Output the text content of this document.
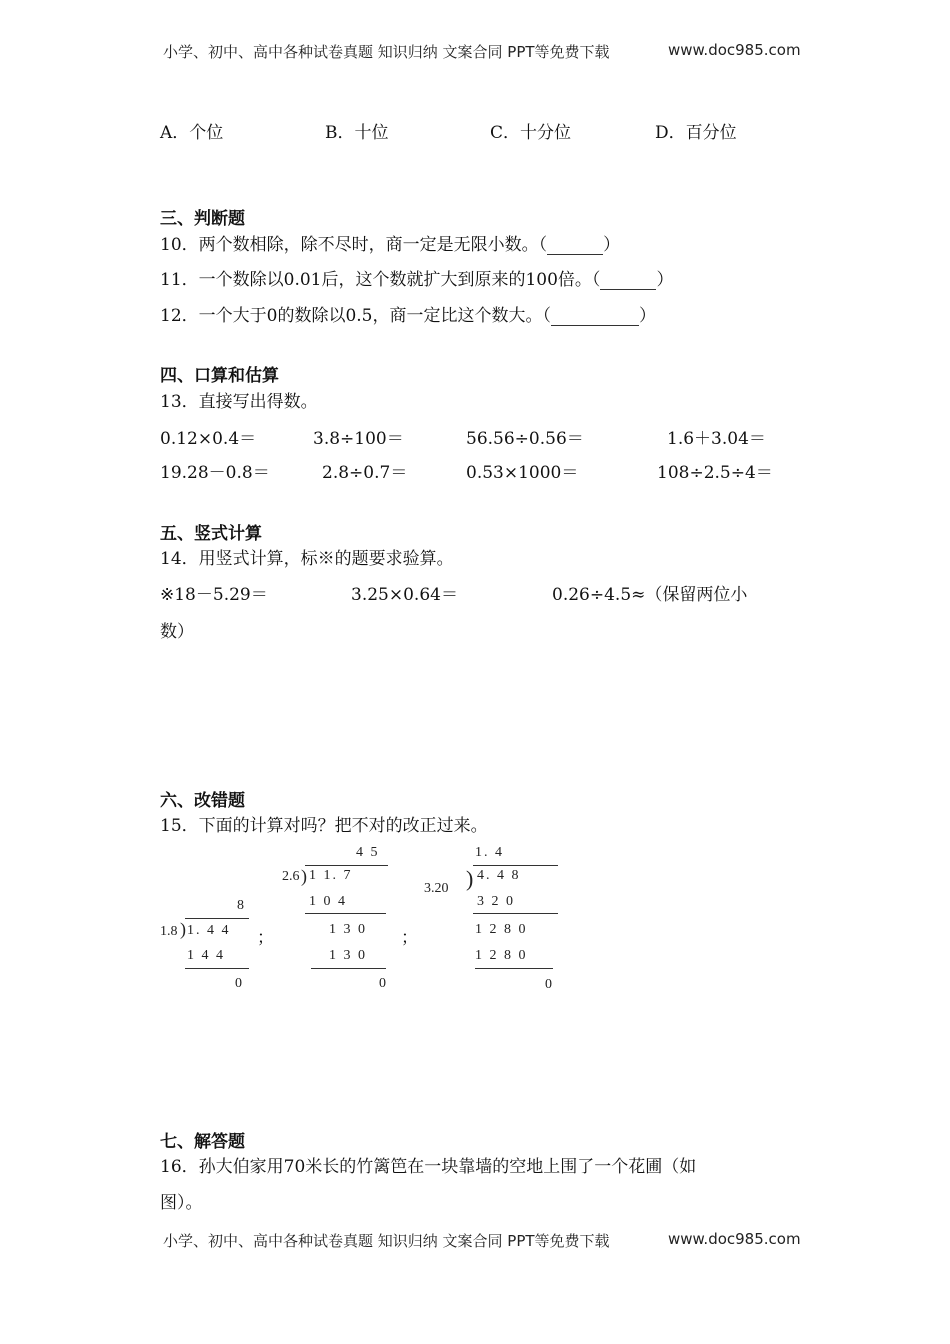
小学、初中、高中各种试卷真题 知识归纳 文案合同 PPT等免费下载	www.doc985.com
A．个位	B．十位	C．十分位	D．百分位
三、判断题
10．两个数相除，除不尽时，商一定是无限小数。（	）
11．一个数除以0.01后，这个数就扩大到原来的100倍。（	）
12．一个大于0的数除以0.5，商一定比这个数大。（	）
四、口算和估算
13．直接写出得数。
0.12×0.4＝	3.8÷100＝	56.56÷0.56＝	1.6＋3.04＝
19.28－0.8＝	2.8÷0.7＝	0.53×1000＝	108÷2.5÷4＝
五、竖式计算
14．用竖式计算，标※的题要求验算。
※18－5.29＝	3.25×0.64＝	0.26÷4.5≈（保留两位小
数）
六、改错题
15．下面的计算对吗？把不对的改正过来。
8
1.8 ) 1. 4 4
1 4 4
0
；
4 5
2.6 ) 1 1. 7
1 0 4
1 3 0
1 3 0
0
；
1. 4
3.20 ) 4. 4 8
3 2 0
1 2 8 0
1 2 8 0
0
七、解答题
16．孙大伯家用70米长的竹篱笆在一块靠墙的空地上围了一个花圃（如
图）。
小学、初中、高中各种试卷真题 知识归纳 文案合同 PPT等免费下载	www.doc985.com
